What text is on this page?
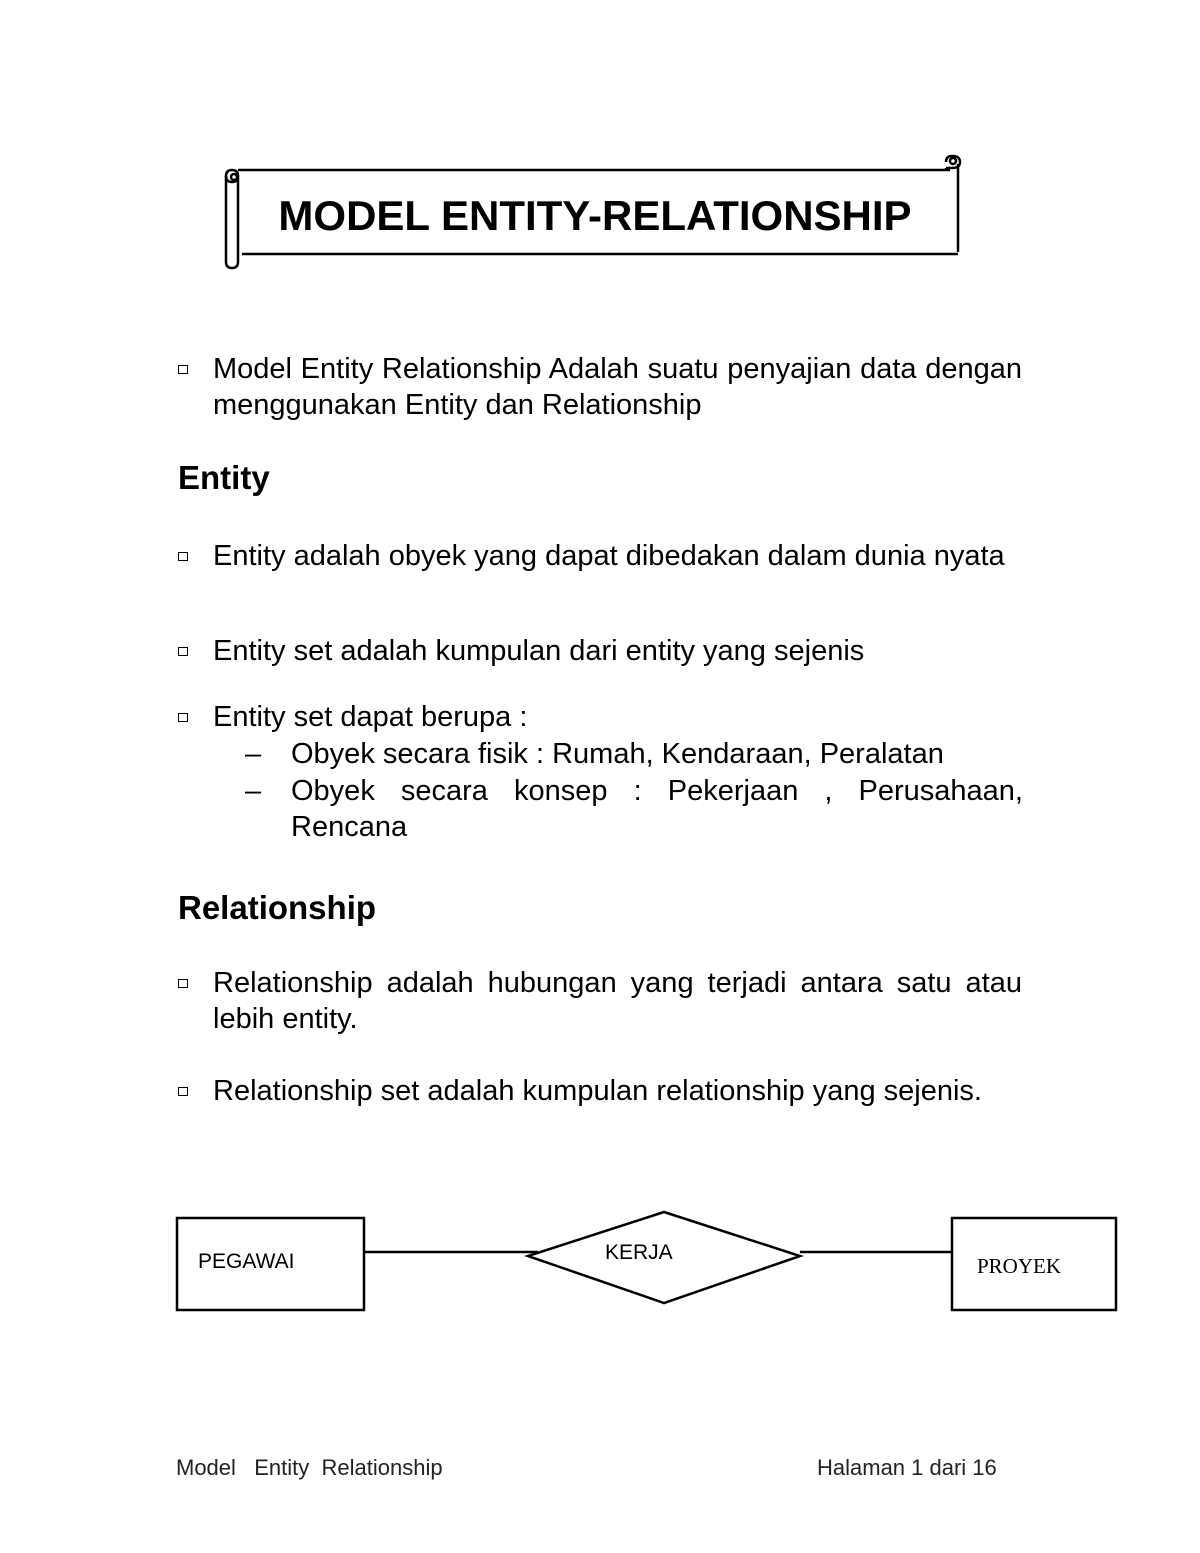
MODEL ENTITY-RELATIONSHIP
Model Entity Relationship Adalah suatu penyajian data dengan menggunakan Entity dan Relationship
Entity
Entity adalah obyek yang dapat dibedakan dalam dunia nyata
Entity set adalah kumpulan dari entity yang sejenis
Entity set dapat berupa :
– Obyek secara fisik : Rumah, Kendaraan, Peralatan
– Obyek secara konsep : Pekerjaan , Perusahaan, Rencana
Relationship
Relationship adalah hubungan yang terjadi antara satu atau lebih entity.
Relationship set adalah kumpulan relationship yang sejenis.
PEGAWAI	KERJA
PROYEK
Model   Entity  Relationship	Halaman 1 dari 16
